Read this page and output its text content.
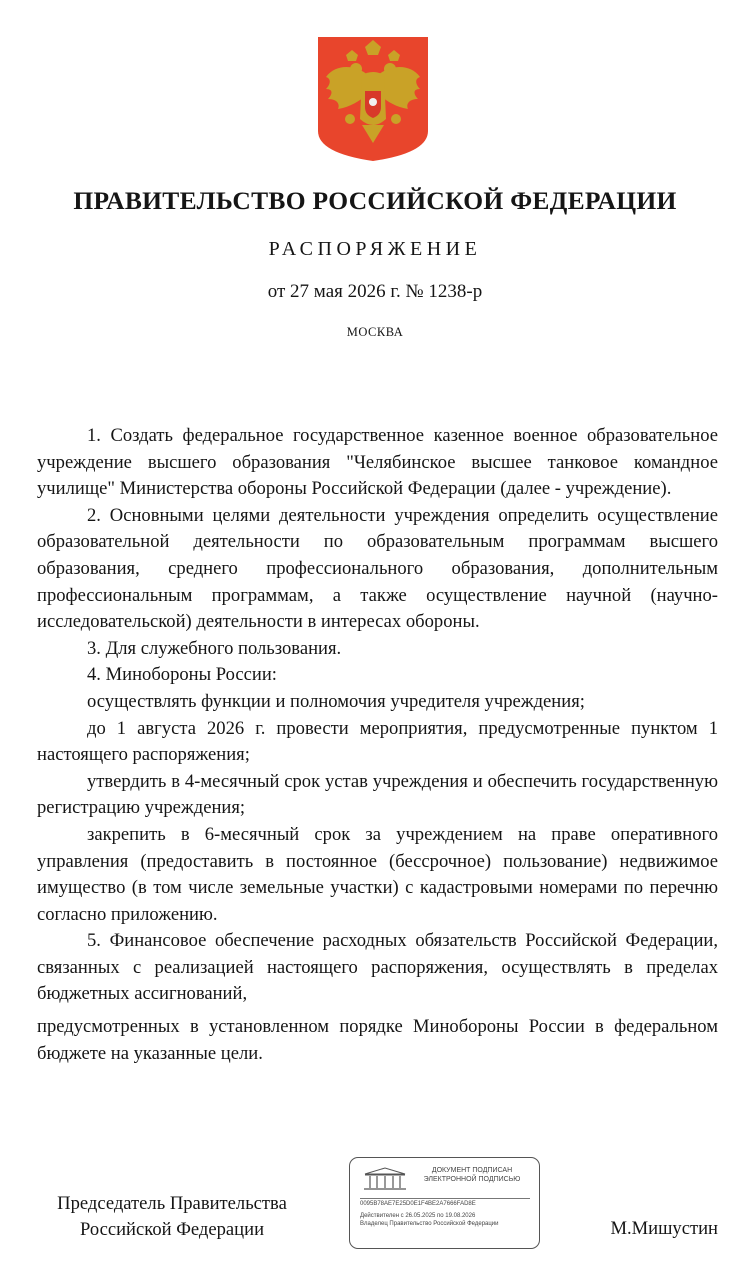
ПРАВИТЕЛЬСТВО РОССИЙСКОЙ ФЕДЕРАЦИИ
РАСПОРЯЖЕНИЕ
от 27 мая 2026 г. № 1238-р
МОСКВА

1. Создать федеральное государственное казенное военное образовательное учреждение высшего образования "Челябинское высшее танковое командное училище" Министерства обороны Российской Федерации (далее - учреждение).

2. Основными целями деятельности учреждения определить осуществление образовательной деятельности по образовательным программам высшего образования, среднего профессионального образования, дополнительным профессиональным программам, а также осуществление научной (научно-исследовательской) деятельности в интересах обороны.

3. Для служебного пользования.

4. Минобороны России:

осуществлять функции и полномочия учредителя учреждения;

до 1 августа 2026 г. провести мероприятия, предусмотренные пунктом 1 настоящего распоряжения;

утвердить в 4-месячный срок устав учреждения и обеспечить государственную регистрацию учреждения;

закрепить в 6-месячный срок за учреждением на праве оперативного управления (предоставить в постоянное (бессрочное) пользование) недвижимое имущество (в том числе земельные участки) с кадастровыми номерами по перечню согласно приложению.

5. Финансовое обеспечение расходных обязательств Российской Федерации, связанных с реализацией настоящего распоряжения, осуществлять в пределах бюджетных ассигнований,

предусмотренных в установленном порядке Минобороны России в федеральном бюджете на указанные цели.

Председатель Правительства
Российской Федерации
ДОКУМЕНТ ПОДПИСАН
ЭЛЕКТРОННОЙ ПОДПИСЬЮ
0095B78AE7E25D0E1F4BE2A7666FAD8E
Действителен с 26.05.2025 по 19.08.2026
Владелец Правительство Российской Федерации	М.Мишустин
